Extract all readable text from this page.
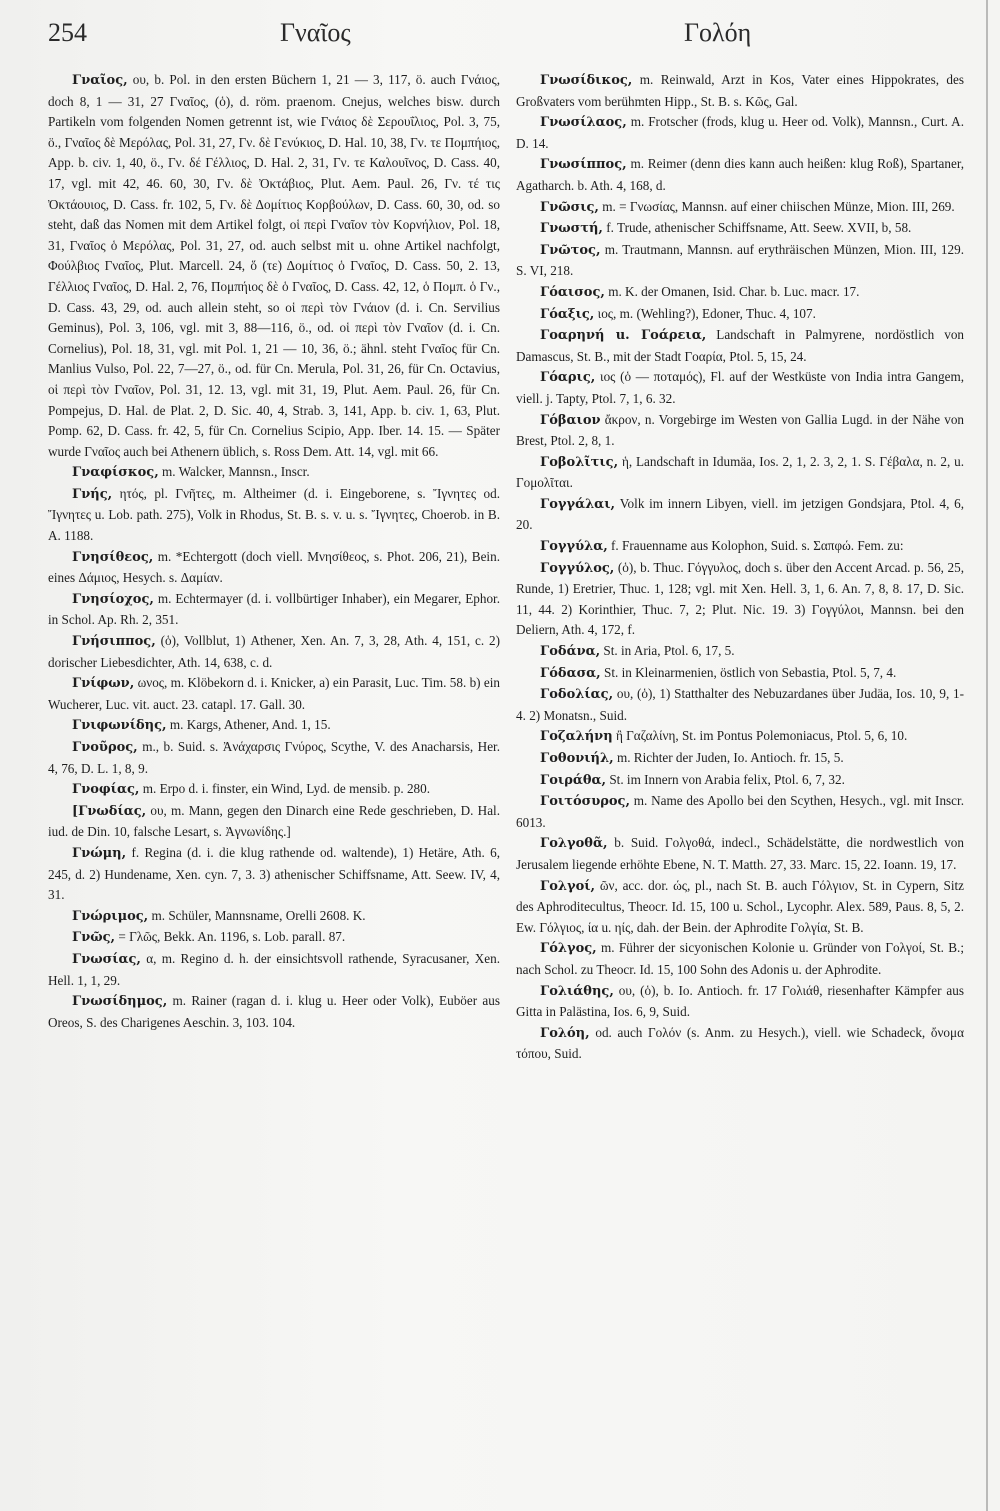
254	Γναῖος	Γολόη

Γναῖος, ου, b. Pol. in den ersten Büchern 1, 21 — 3, 117, ö. auch Γνάιος, doch 8, 1 — 31, 27 Γναῖος, (ὁ), d. röm. praenom. Cnejus, welches bisw. durch Partikeln vom folgenden Nomen getrennt ist, wie Γνάιος δὲ Σερουΐλιος, Pol. 3, 75, ö., Γναῖος δὲ Μερόλας, Pol. 31, 27, Γν. δὲ Γενύκιος, D. Hal. 10, 38, Γν. τε Πομπήιος, App. b. civ. 1, 40, ö., Γν. δέ Γέλλιος, D. Hal. 2, 31, Γν. τε Καλουῖνος, D. Cass. 40, 17, vgl. mit 42, 46. 60, 30, Γν. δὲ Ὀκτάβιος, Plut. Aem. Paul. 26, Γν. τέ τις Ὀκτάουιος, D. Cass. fr. 102, 5, Γν. δὲ Δομίτιος Κορβούλων, D. Cass. 60, 30, od. so steht, daß das Nomen mit dem Artikel folgt, οἱ περὶ Γναῖον τὸν Κορνήλιον, Pol. 18, 31, Γναῖος ὁ Μερόλας, Pol. 31, 27, od. auch selbst mit u. ohne Artikel nachfolgt, Φούλβιος Γναῖος, Plut. Marcell. 24, ὅ (τε) Δομίτιος ὁ Γναῖος, D. Cass. 50, 2. 13, Γέλλιος Γναῖος, D. Hal. 2, 76, Πομπήιος δὲ ὁ Γναῖος, D. Cass. 42, 12, ὁ Πομπ. ὁ Γν., D. Cass. 43, 29, od. auch allein steht, so οἱ περὶ τὸν Γνάιον (d. i. Cn. Servilius Geminus), Pol. 3, 106, vgl. mit 3, 88—116, ö., od. οἱ περὶ τὸν Γναῖον (d. i. Cn. Cornelius), Pol. 18, 31, vgl. mit Pol. 1, 21 — 10, 36, ö.; ähnl. steht Γναῖος für Cn. Manlius Vulso, Pol. 22, 7—27, ö., od. für Cn. Merula, Pol. 31, 26, für Cn. Octavius, οἱ περὶ τὸν Γναῖον, Pol. 31, 12. 13, vgl. mit 31, 19, Plut. Aem. Paul. 26, für Cn. Pompejus, D. Hal. de Plat. 2, D. Sic. 40, 4, Strab. 3, 141, App. b. civ. 1, 63, Plut. Pomp. 62, D. Cass. fr. 42, 5, für Cn. Cornelius Scipio, App. Iber. 14. 15. — Später wurde Γναῖος auch bei Athenern üblich, s. Ross Dem. Att. 14, vgl. mit 66.

Γναφίσκος, m. Walcker, Mannsn., Inscr.

Γνής, ητός, pl. Γνῆτες, m. Altheimer (d. i. Eingeborene, s. Ἴγνητες od. Ἴγνητες u. Lob. path. 275), Volk in Rhodus, St. B. s. v. u. s. Ἴγνητες, Choerob. in B. A. 1188.

Γνησίθεος, m. *Echtergott (doch viell. Μνησίθεος, s. Phot. 206, 21), Bein. eines Δάμιος, Hesych. s. Δαμίαν.

Γνησίοχος, m. Echtermayer (d. i. vollbürtiger Inhaber), ein Megarer, Ephor. in Schol. Ap. Rh. 2, 351.

Γνήσιππος, (ὁ), Vollblut, 1) Athener, Xen. An. 7, 3, 28, Ath. 4, 151, c. 2) dorischer Liebesdichter, Ath. 14, 638, c. d.

Γνίφων, ωνος, m. Klöbekorn d. i. Knicker, a) ein Parasit, Luc. Tim. 58. b) ein Wucherer, Luc. vit. auct. 23. catapl. 17. Gall. 30.

Γνιφωνίδης, m. Kargs, Athener, And. 1, 15.

Γνοῦρος, m., b. Suid. s. Ἀνάχαρσις Γνύρος, Scythe, V. des Anacharsis, Her. 4, 76, D. L. 1, 8, 9.

Γνοφίας, m. Erpo d. i. finster, ein Wind, Lyd. de mensib. p. 280.

[Γνωδίας, ου, m. Mann, gegen den Dinarch eine Rede geschrieben, D. Hal. iud. de Din. 10, falsche Lesart, s. Ἀγνωνίδης.]

Γνώμη, f. Regina (d. i. die klug rathende od. waltende), 1) Hetäre, Ath. 6, 245, d. 2) Hundename, Xen. cyn. 7, 3. 3) athenischer Schiffsname, Att. Seew. IV, 4, 31.

Γνώριμος, m. Schüler, Mannsname, Orelli 2608. K.

Γνῶς, = Γλῶς, Bekk. An. 1196, s. Lob. parall. 87.

Γνωσίας, α, m. Regino d. h. der einsichtsvoll rathende, Syracusaner, Xen. Hell. 1, 1, 29.

Γνωσίδημος, m. Rainer (ragan d. i. klug u. Heer oder Volk), Euböer aus Oreos, S. des Charigenes Aeschin. 3, 103. 104.

Γνωσίδικος, m. Reinwald, Arzt in Kos, Vater eines Hippokrates, des Großvaters vom berühmten Hipp., St. B. s. Κῶς, Gal.

Γνωσίλαος, m. Frotscher (frods, klug u. Heer od. Volk), Mannsn., Curt. A. D. 14.

Γνωσίππος, m. Reimer (denn dies kann auch heißen: klug Roß), Spartaner, Agatharch. b. Ath. 4, 168, d.

Γνῶσις, m. = Γνωσίας, Mannsn. auf einer chiischen Münze, Mion. III, 269.

Γνωστή, f. Trude, athenischer Schiffsname, Att. Seew. XVII, b, 58.

Γνῶτος, m. Trautmann, Mannsn. auf erythräischen Münzen, Mion. III, 129. S. VI, 218.

Γόαισος, m. K. der Omanen, Isid. Char. b. Luc. macr. 17.

Γόαξις, ιος, m. (Wehling?), Edoner, Thuc. 4, 107.

Γοαρηνή u. Γοάρεια, Landschaft in Palmyrene, nordöstlich von Damascus, St. B., mit der Stadt Γοαρία, Ptol. 5, 15, 24.

Γόαρις, ιος (ὁ — ποταμός), Fl. auf der Westküste von India intra Gangem, viell. j. Tapty, Ptol. 7, 1, 6. 32.

Γόβαιον ἄκρον, n. Vorgebirge im Westen von Gallia Lugd. in der Nähe von Brest, Ptol. 2, 8, 1.

Γοβολῖτις, ἡ, Landschaft in Idumäa, Ios. 2, 1, 2. 3, 2, 1. S. Γέβαλα, n. 2, u. Γομολῖται.

Γογγάλαι, Volk im innern Libyen, viell. im jetzigen Gondsjara, Ptol. 4, 6, 20.

Γογγύλα, f. Frauenname aus Kolophon, Suid. s. Σαπφώ. Fem. zu:

Γογγύλος, (ὁ), b. Thuc. Γόγγυλος, doch s. über den Accent Arcad. p. 56, 25, Runde, 1) Eretrier, Thuc. 1, 128; vgl. mit Xen. Hell. 3, 1, 6. An. 7, 8, 8. 17, D. Sic. 11, 44. 2) Korinthier, Thuc. 7, 2; Plut. Nic. 19. 3) Γογγύλοι, Mannsn. bei den Deliern, Ath. 4, 172, f.

Γοδάνα, St. in Aria, Ptol. 6, 17, 5.

Γόδασα, St. in Kleinarmenien, östlich von Sebastia, Ptol. 5, 7, 4.

Γοδολίας, ου, (ὁ), 1) Statthalter des Nebuzardanes über Judäa, Ios. 10, 9, 1-4. 2) Monatsn., Suid.

Γοζαλήνη ἢ Γαζαλίνη, St. im Pontus Polemoniacus, Ptol. 5, 6, 10.

Γοθονιήλ, m. Richter der Juden, Io. Antioch. fr. 15, 5.

Γοιράθα, St. im Innern von Arabia felix, Ptol. 6, 7, 32.

Γοιτόσυρος, m. Name des Apollo bei den Scythen, Hesych., vgl. mit Inscr. 6013.

Γολγοθᾶ, b. Suid. Γολγοθά, indecl., Schädelstätte, die nordwestlich von Jerusalem liegende erhöhte Ebene, N. T. Matth. 27, 33. Marc. 15, 22. Ioann. 19, 17.

Γολγοί, ῶν, acc. dor. ώς, pl., nach St. B. auch Γόλγιον, St. in Cypern, Sitz des Aphroditecultus, Theocr. Id. 15, 100 u. Schol., Lycophr. Alex. 589, Paus. 8, 5, 2. Ew. Γόλγιος, ία u. ηίς, dah. der Bein. der Aphrodite Γολγία, St. B.

Γόλγος, m. Führer der sicyonischen Kolonie u. Gründer von Γολγοί, St. B.; nach Schol. zu Theocr. Id. 15, 100 Sohn des Adonis u. der Aphrodite.

Γολιάθης, ου, (ὁ), b. Io. Antioch. fr. 17 Γολιάθ, riesenhafter Kämpfer aus Gitta in Palästina, Ios. 6, 9, Suid.

Γολόη, od. auch Γολόν (s. Anm. zu Hesych.), viell. wie Schadeck, ὄνομα τόπου, Suid.
